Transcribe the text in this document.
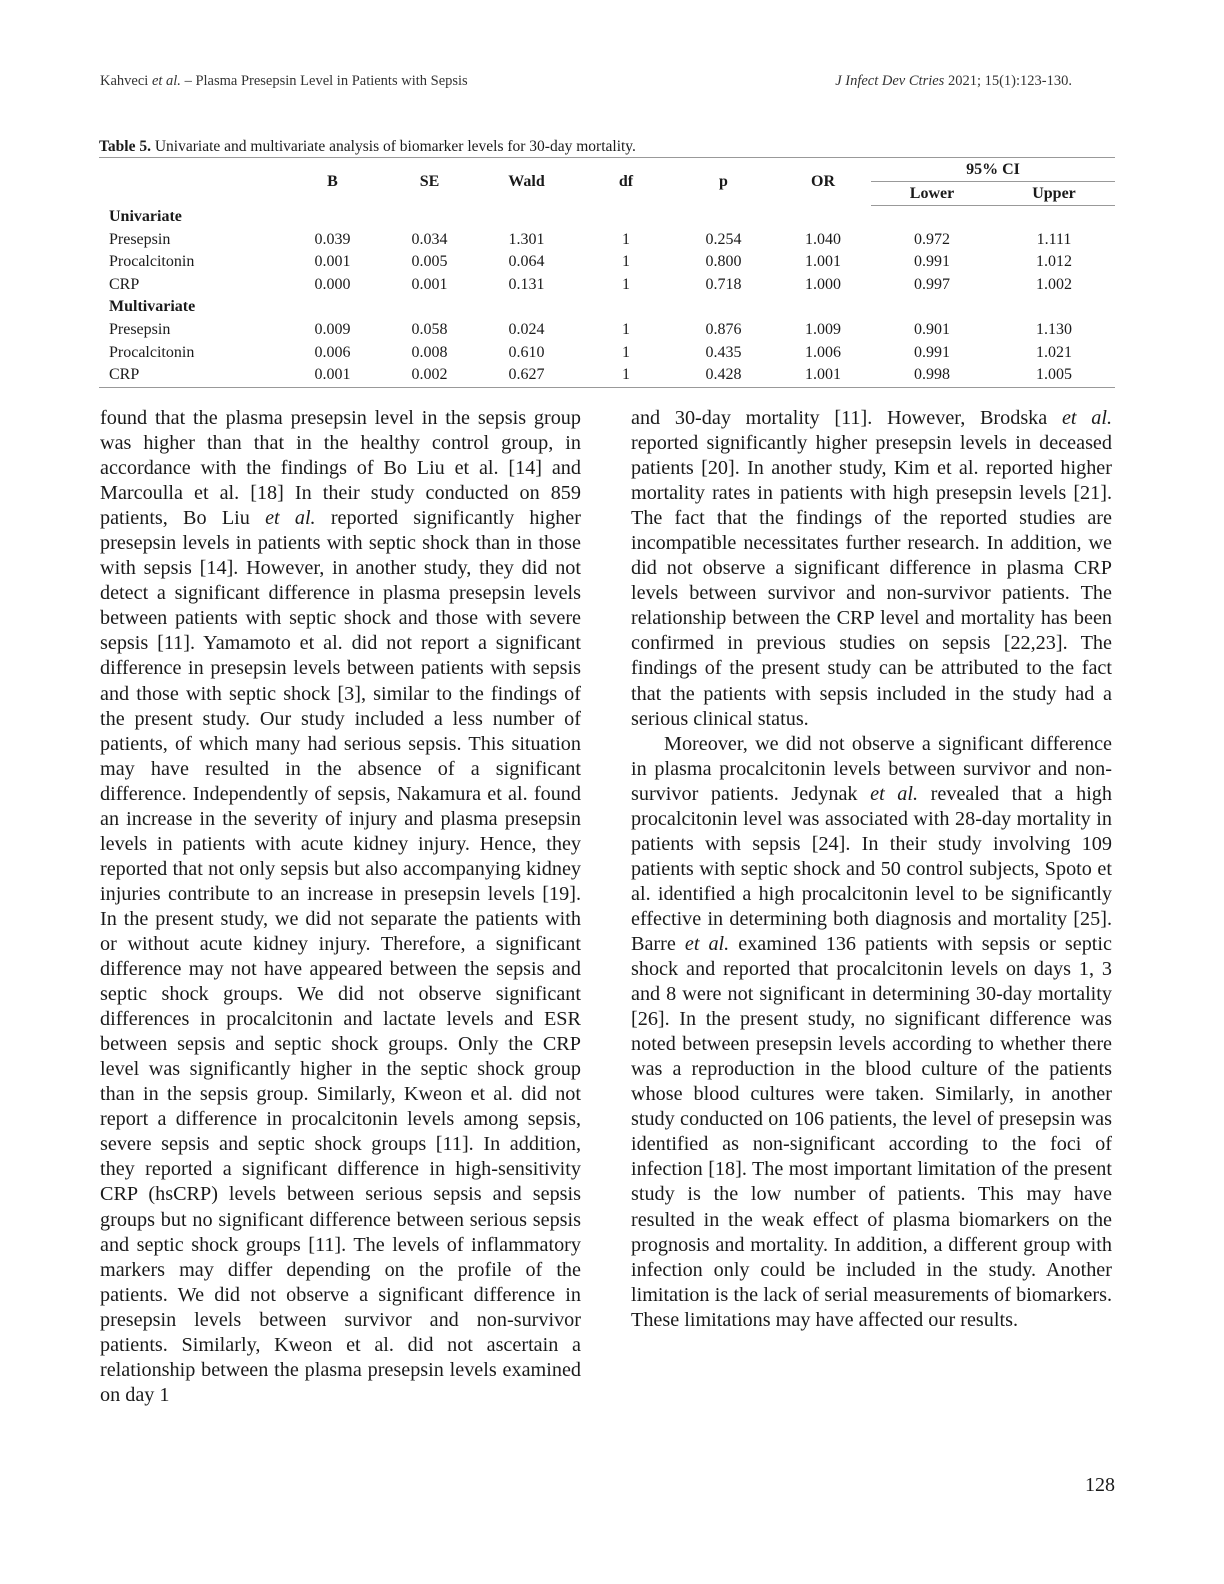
Kahveci et al. – Plasma Presepsin Level in Patients with Sepsis	J Infect Dev Ctries 2021; 15(1):123-130.
Table 5. Univariate and multivariate analysis of biomarker levels for 30-day mortality.
	B	SE	Wald	df	p	OR	95% CI	
							Lower	Upper
Univariate								
Presepsin	0.039	0.034	1.301	1	0.254	1.040	0.972	1.111
Procalcitonin	0.001	0.005	0.064	1	0.800	1.001	0.991	1.012
CRP	0.000	0.001	0.131	1	0.718	1.000	0.997	1.002
Multivariate								
Presepsin	0.009	0.058	0.024	1	0.876	1.009	0.901	1.130
Procalcitonin	0.006	0.008	0.610	1	0.435	1.006	0.991	1.021
CRP	0.001	0.002	0.627	1	0.428	1.001	0.998	1.005

found that the plasma presepsin level in the sepsis group was higher than that in the healthy control group, in accordance with the findings of Bo Liu et al. [14] and Marcoulla et al. [18] In their study conducted on 859 patients, Bo Liu et al. reported significantly higher presepsin levels in patients with septic shock than in those with sepsis [14]. However, in another study, they did not detect a significant difference in plasma presepsin levels between patients with septic shock and those with severe sepsis [11]. Yamamoto et al. did not report a significant difference in presepsin levels between patients with sepsis and those with septic shock [3], similar to the findings of the present study. Our study included a less number of patients, of which many had serious sepsis. This situation may have resulted in the absence of a significant difference. Independently of sepsis, Nakamura et al. found an increase in the severity of injury and plasma presepsin levels in patients with acute kidney injury. Hence, they reported that not only sepsis but also accompanying kidney injuries contribute to an increase in presepsin levels [19]. In the present study, we did not separate the patients with or without acute kidney injury. Therefore, a significant difference may not have appeared between the sepsis and septic shock groups. We did not observe significant differences in procalcitonin and lactate levels and ESR between sepsis and septic shock groups. Only the CRP level was significantly higher in the septic shock group than in the sepsis group. Similarly, Kweon et al. did not report a difference in procalcitonin levels among sepsis, severe sepsis and septic shock groups [11]. In addition, they reported a significant difference in high-sensitivity CRP (hsCRP) levels between serious sepsis and sepsis groups but no significant difference between serious sepsis and septic shock groups [11]. The levels of inflammatory markers may differ depending on the profile of the patients. We did not observe a significant difference in presepsin levels between survivor and non-survivor patients. Similarly, Kweon et al. did not ascertain a relationship between the plasma presepsin levels examined on day 1

and 30-day mortality [11]. However, Brodska et al. reported significantly higher presepsin levels in deceased patients [20]. In another study, Kim et al. reported higher mortality rates in patients with high presepsin levels [21]. The fact that the findings of the reported studies are incompatible necessitates further research. In addition, we did not observe a significant difference in plasma CRP levels between survivor and non-survivor patients. The relationship between the CRP level and mortality has been confirmed in previous studies on sepsis [22,23]. The findings of the present study can be attributed to the fact that the patients with sepsis included in the study had a serious clinical status.

Moreover, we did not observe a significant difference in plasma procalcitonin levels between survivor and non-survivor patients. Jedynak et al. revealed that a high procalcitonin level was associated with 28-day mortality in patients with sepsis [24]. In their study involving 109 patients with septic shock and 50 control subjects, Spoto et al. identified a high procalcitonin level to be significantly effective in determining both diagnosis and mortality [25]. Barre et al. examined 136 patients with sepsis or septic shock and reported that procalcitonin levels on days 1, 3 and 8 were not significant in determining 30-day mortality [26]. In the present study, no significant difference was noted between presepsin levels according to whether there was a reproduction in the blood culture of the patients whose blood cultures were taken. Similarly, in another study conducted on 106 patients, the level of presepsin was identified as non-significant according to the foci of infection [18]. The most important limitation of the present study is the low number of patients. This may have resulted in the weak effect of plasma biomarkers on the prognosis and mortality. In addition, a different group with infection only could be included in the study. Another limitation is the lack of serial measurements of biomarkers. These limitations may have affected our results.

128
